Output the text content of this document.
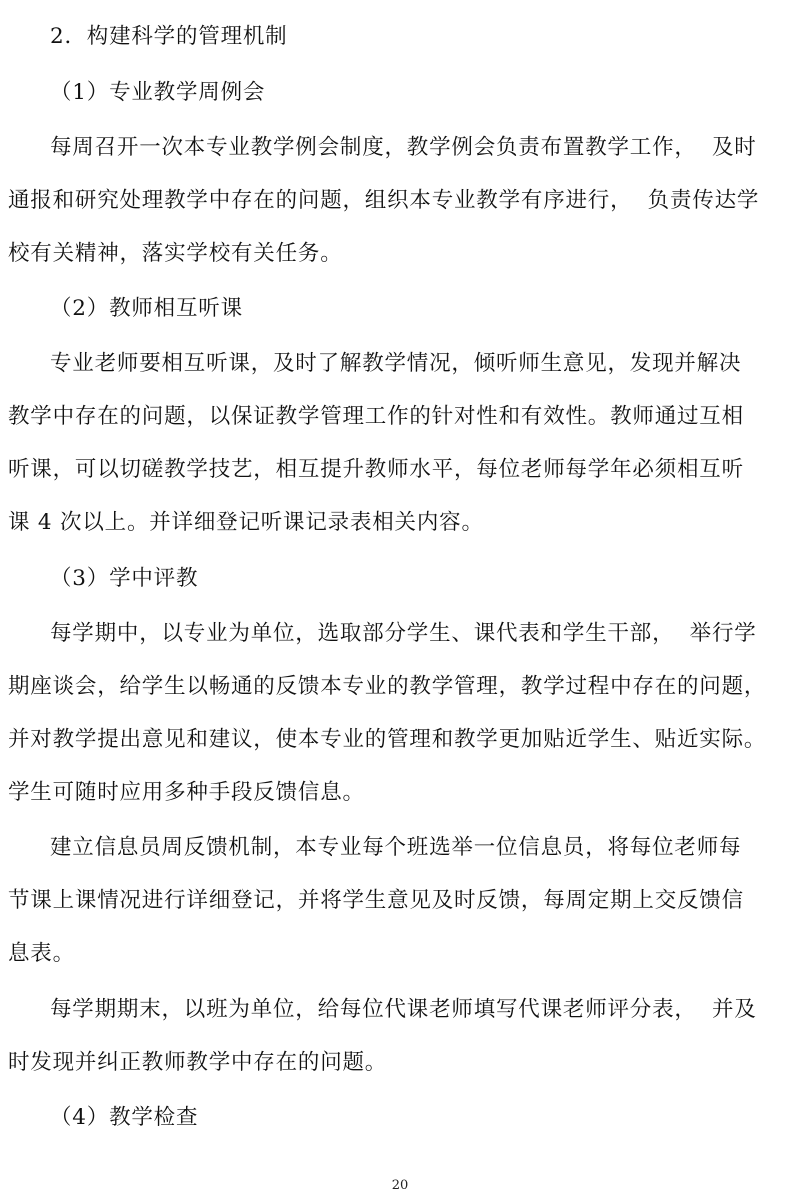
2．构建科学的管理机制
（1）专业教学周例会
每周召开一次本专业教学例会制度，教学例会负责布置教学工作，  及时
通报和研究处理教学中存在的问题，组织本专业教学有序进行，  负责传达学
校有关精神，落实学校有关任务。
（2）教师相互听课
专业老师要相互听课，及时了解教学情况，倾听师生意见，发现并解决
教学中存在的问题，以保证教学管理工作的针对性和有效性。教师通过互相
听课，可以切磋教学技艺，相互提升教师水平，每位老师每学年必须相互听
课 4 次以上。并详细登记听课记录表相关内容。
（3）学中评教
每学期中，以专业为单位，选取部分学生、课代表和学生干部，  举行学
期座谈会，给学生以畅通的反馈本专业的教学管理，教学过程中存在的问题，
并对教学提出意见和建议，使本专业的管理和教学更加贴近学生、贴近实际。
学生可随时应用多种手段反馈信息。
建立信息员周反馈机制，本专业每个班选举一位信息员，将每位老师每
节课上课情况进行详细登记，并将学生意见及时反馈，每周定期上交反馈信
息表。
每学期期末，以班为单位，给每位代课老师填写代课老师评分表，  并及
时发现并纠正教师教学中存在的问题。
（4）教学检查
20
